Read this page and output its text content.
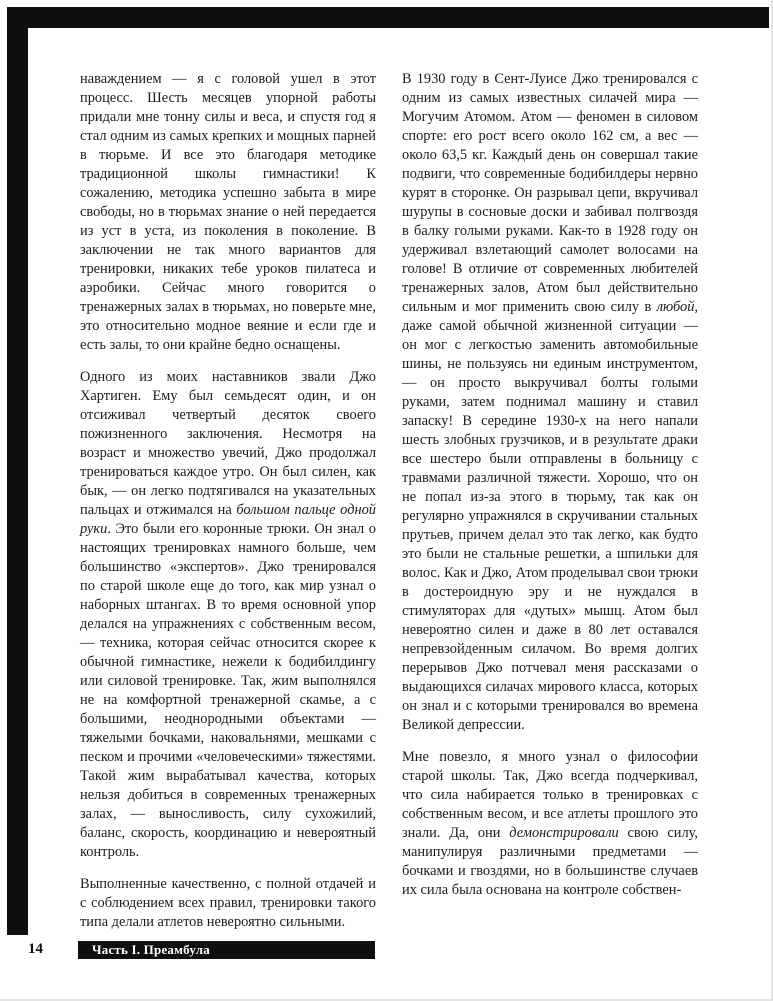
наваждением — я с головой ушел в этот процесс. Шесть месяцев упорной работы придали мне тонну силы и веса, и спустя год я стал одним из самых крепких и мощных парней в тюрьме. И все это благодаря методике традиционной школы гимнастики! К сожалению, методика успешно забыта в мире свободы, но в тюрьмах знание о ней передается из уст в уста, из поколения в поколение. В заключении не так много вариантов для тренировки, никаких тебе уроков пилатеса и аэробики. Сейчас много говорится о тренажерных залах в тюрьмах, но поверьте мне, это относительно модное веяние и если где и есть залы, то они крайне бедно оснащены.

Одного из моих наставников звали Джо Хартиген. Ему был семьдесят один, и он отсиживал четвертый десяток своего пожизненного заключения. Несмотря на возраст и множество увечий, Джо продолжал тренироваться каждое утро. Он был силен, как бык, — он легко подтягивался на указательных пальцах и отжимался на большом пальце одной руки. Это были его коронные трюки. Он знал о настоящих тренировках намного больше, чем большинство «экспертов». Джо тренировался по старой школе еще до того, как мир узнал о наборных штангах. В то время основной упор делался на упражнениях с собственным весом, — техника, которая сейчас относится скорее к обычной гимнастике, нежели к бодибилдингу или силовой тренировке. Так, жим выполнялся не на комфортной тренажерной скамье, а с большими, неоднородными объектами — тяжелыми бочками, наковальнями, мешками с песком и прочими «человеческими» тяжестями. Такой жим вырабатывал качества, которых нельзя добиться в современных тренажерных залах, — выносливость, силу сухожилий, баланс, скорость, координацию и невероятный контроль.

Выполненные качественно, с полной отдачей и с соблюдением всех правил, тренировки такого типа делали атлетов невероятно сильными.

В 1930 году в Сент-Луисе Джо тренировался с одним из самых известных силачей мира — Могучим Атомом. Атом — феномен в силовом спорте: его рост всего около 162 см, а вес — около 63,5 кг. Каждый день он совершал такие подвиги, что современные бодибилдеры нервно курят в сторонке. Он разрывал цепи, вкручивал шурупы в сосновые доски и забивал полгвоздя в балку голыми руками. Как-то в 1928 году он удерживал взлетающий самолет волосами на голове! В отличие от современных любителей тренажерных залов, Атом был действительно сильным и мог применить свою силу в любой, даже самой обычной жизненной ситуации — он мог с легкостью заменить автомобильные шины, не пользуясь ни единым инструментом, — он просто выкручивал болты голыми руками, затем поднимал машину и ставил запаску! В середине 1930-х на него напали шесть злобных грузчиков, и в результате драки все шестеро были отправлены в больницу с травмами различной тяжести. Хорошо, что он не попал из-за этого в тюрьму, так как он регулярно упражнялся в скручивании стальных прутьев, причем делал это так легко, как будто это были не стальные решетки, а шпильки для волос. Как и Джо, Атом проделывал свои трюки в достероидную эру и не нуждался в стимуляторах для «дутых» мышц. Атом был невероятно силен и даже в 80 лет оставался непревзойденным силачом. Во время долгих перерывов Джо потчевал меня рассказами о выдающихся силачах мирового класса, которых он знал и с которыми тренировался во времена Великой депрессии.

Мне повезло, я много узнал о философии старой школы. Так, Джо всегда подчеркивал, что сила набирается только в тренировках с собственным весом, и все атлеты прошлого это знали. Да, они демонстрировали свою силу, манипулируя различными предметами — бочками и гвоздями, но в большинстве случаев их сила была основана на контроле собствен-

14	Часть I. Преамбула
